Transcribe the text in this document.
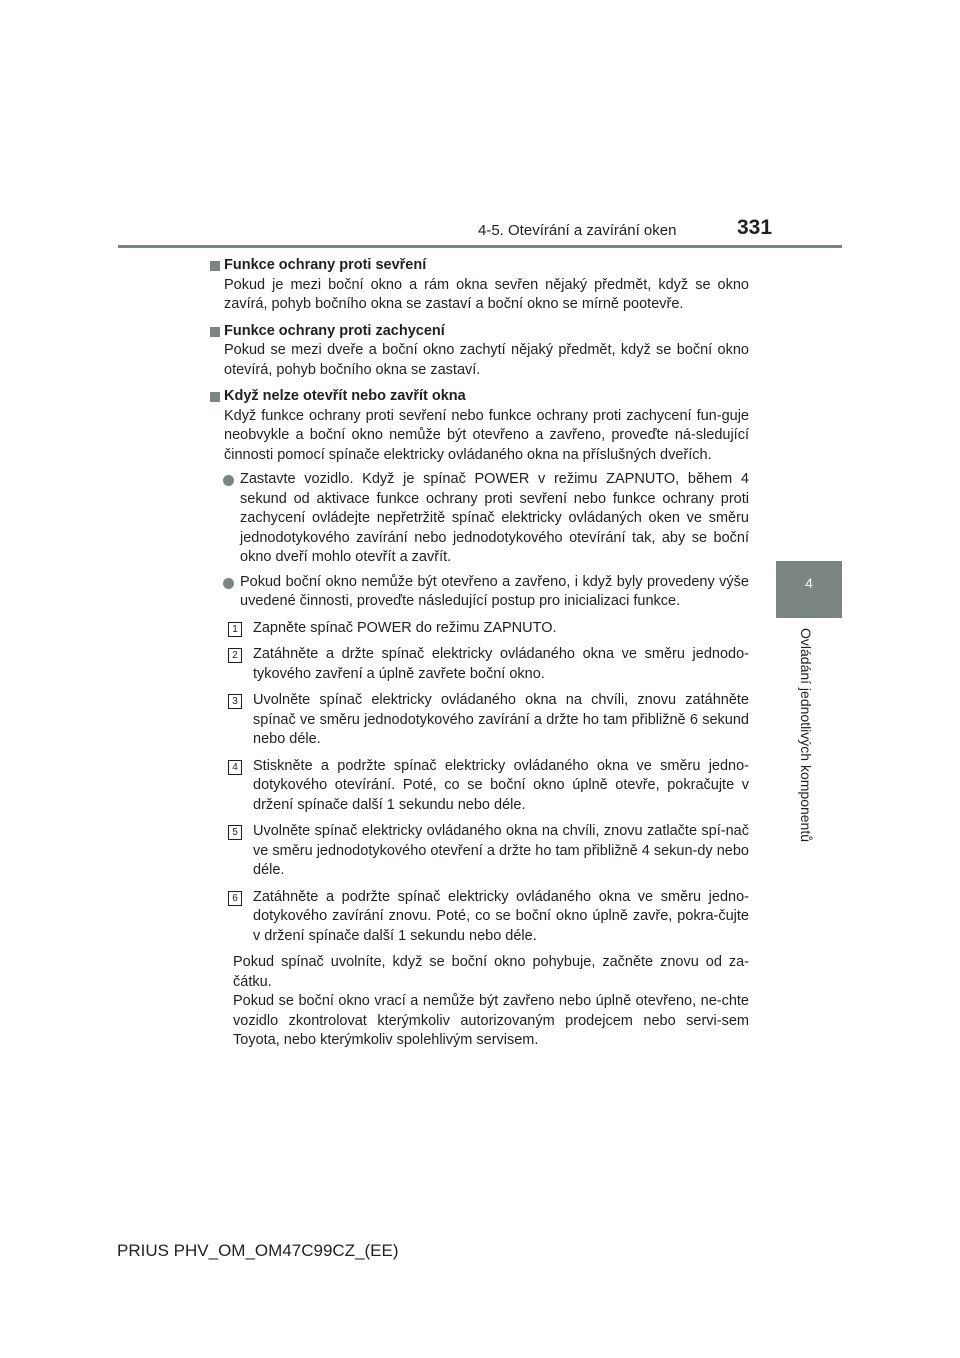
4-5. Otevírání a zavírání oken	331
4
Ovládání jednotlivých komponentů
Funkce ochrany proti sevření
Pokud je mezi boční okno a rám okna sevřen nějaký předmět, když se okno zavírá, pohyb bočního okna se zastaví a boční okno se mírně pootevře.
Funkce ochrany proti zachycení
Pokud se mezi dveře a boční okno zachytí nějaký předmět, když se boční okno otevírá, pohyb bočního okna se zastaví.
Když nelze otevřít nebo zavřít okna
Když funkce ochrany proti sevření nebo funkce ochrany proti zachycení fun-guje neobvykle a boční okno nemůže být otevřeno a zavřeno, proveďte ná-sledující činnosti pomocí spínače elektricky ovládaného okna na příslušných dveřích.
Zastavte vozidlo. Když je spínač POWER v režimu ZAPNUTO, během 4 sekund od aktivace funkce ochrany proti sevření nebo funkce ochrany proti zachycení ovládejte nepřetržitě spínač elektricky ovládaných oken ve směru jednodotykového zavírání nebo jednodotykového otevírání tak, aby se boční okno dveří mohlo otevřít a zavřít.
Pokud boční okno nemůže být otevřeno a zavřeno, i když byly provedeny výše uvedené činnosti, proveďte následující postup pro inicializaci funkce.
1 Zapněte spínač POWER do režimu ZAPNUTO.
2 Zatáhněte a držte spínač elektricky ovládaného okna ve směru jednodo-tykového zavření a úplně zavřete boční okno.
3 Uvolněte spínač elektricky ovládaného okna na chvíli, znovu zatáhněte spínač ve směru jednodotykového zavírání a držte ho tam přibližně 6 sekund nebo déle.
4 Stiskněte a podržte spínač elektricky ovládaného okna ve směru jedno-dotykového otevírání. Poté, co se boční okno úplně otevře, pokračujte v držení spínače další 1 sekundu nebo déle.
5 Uvolněte spínač elektricky ovládaného okna na chvíli, znovu zatlačte spí-nač ve směru jednodotykového otevření a držte ho tam přibližně 4 sekun-dy nebo déle.
6 Zatáhněte a podržte spínač elektricky ovládaného okna ve směru jedno-dotykového zavírání znovu. Poté, co se boční okno úplně zavře, pokra-čujte v držení spínače další 1 sekundu nebo déle.

Pokud spínač uvolníte, když se boční okno pohybuje, začněte znovu od za-čátku.

Pokud se boční okno vrací a nemůže být zavřeno nebo úplně otevřeno, ne-chte vozidlo zkontrolovat kterýmkoliv autorizovaným prodejcem nebo servi-sem Toyota, nebo kterýmkoliv spolehlivým servisem.

PRIUS PHV_OM_OM47C99CZ_(EE)
